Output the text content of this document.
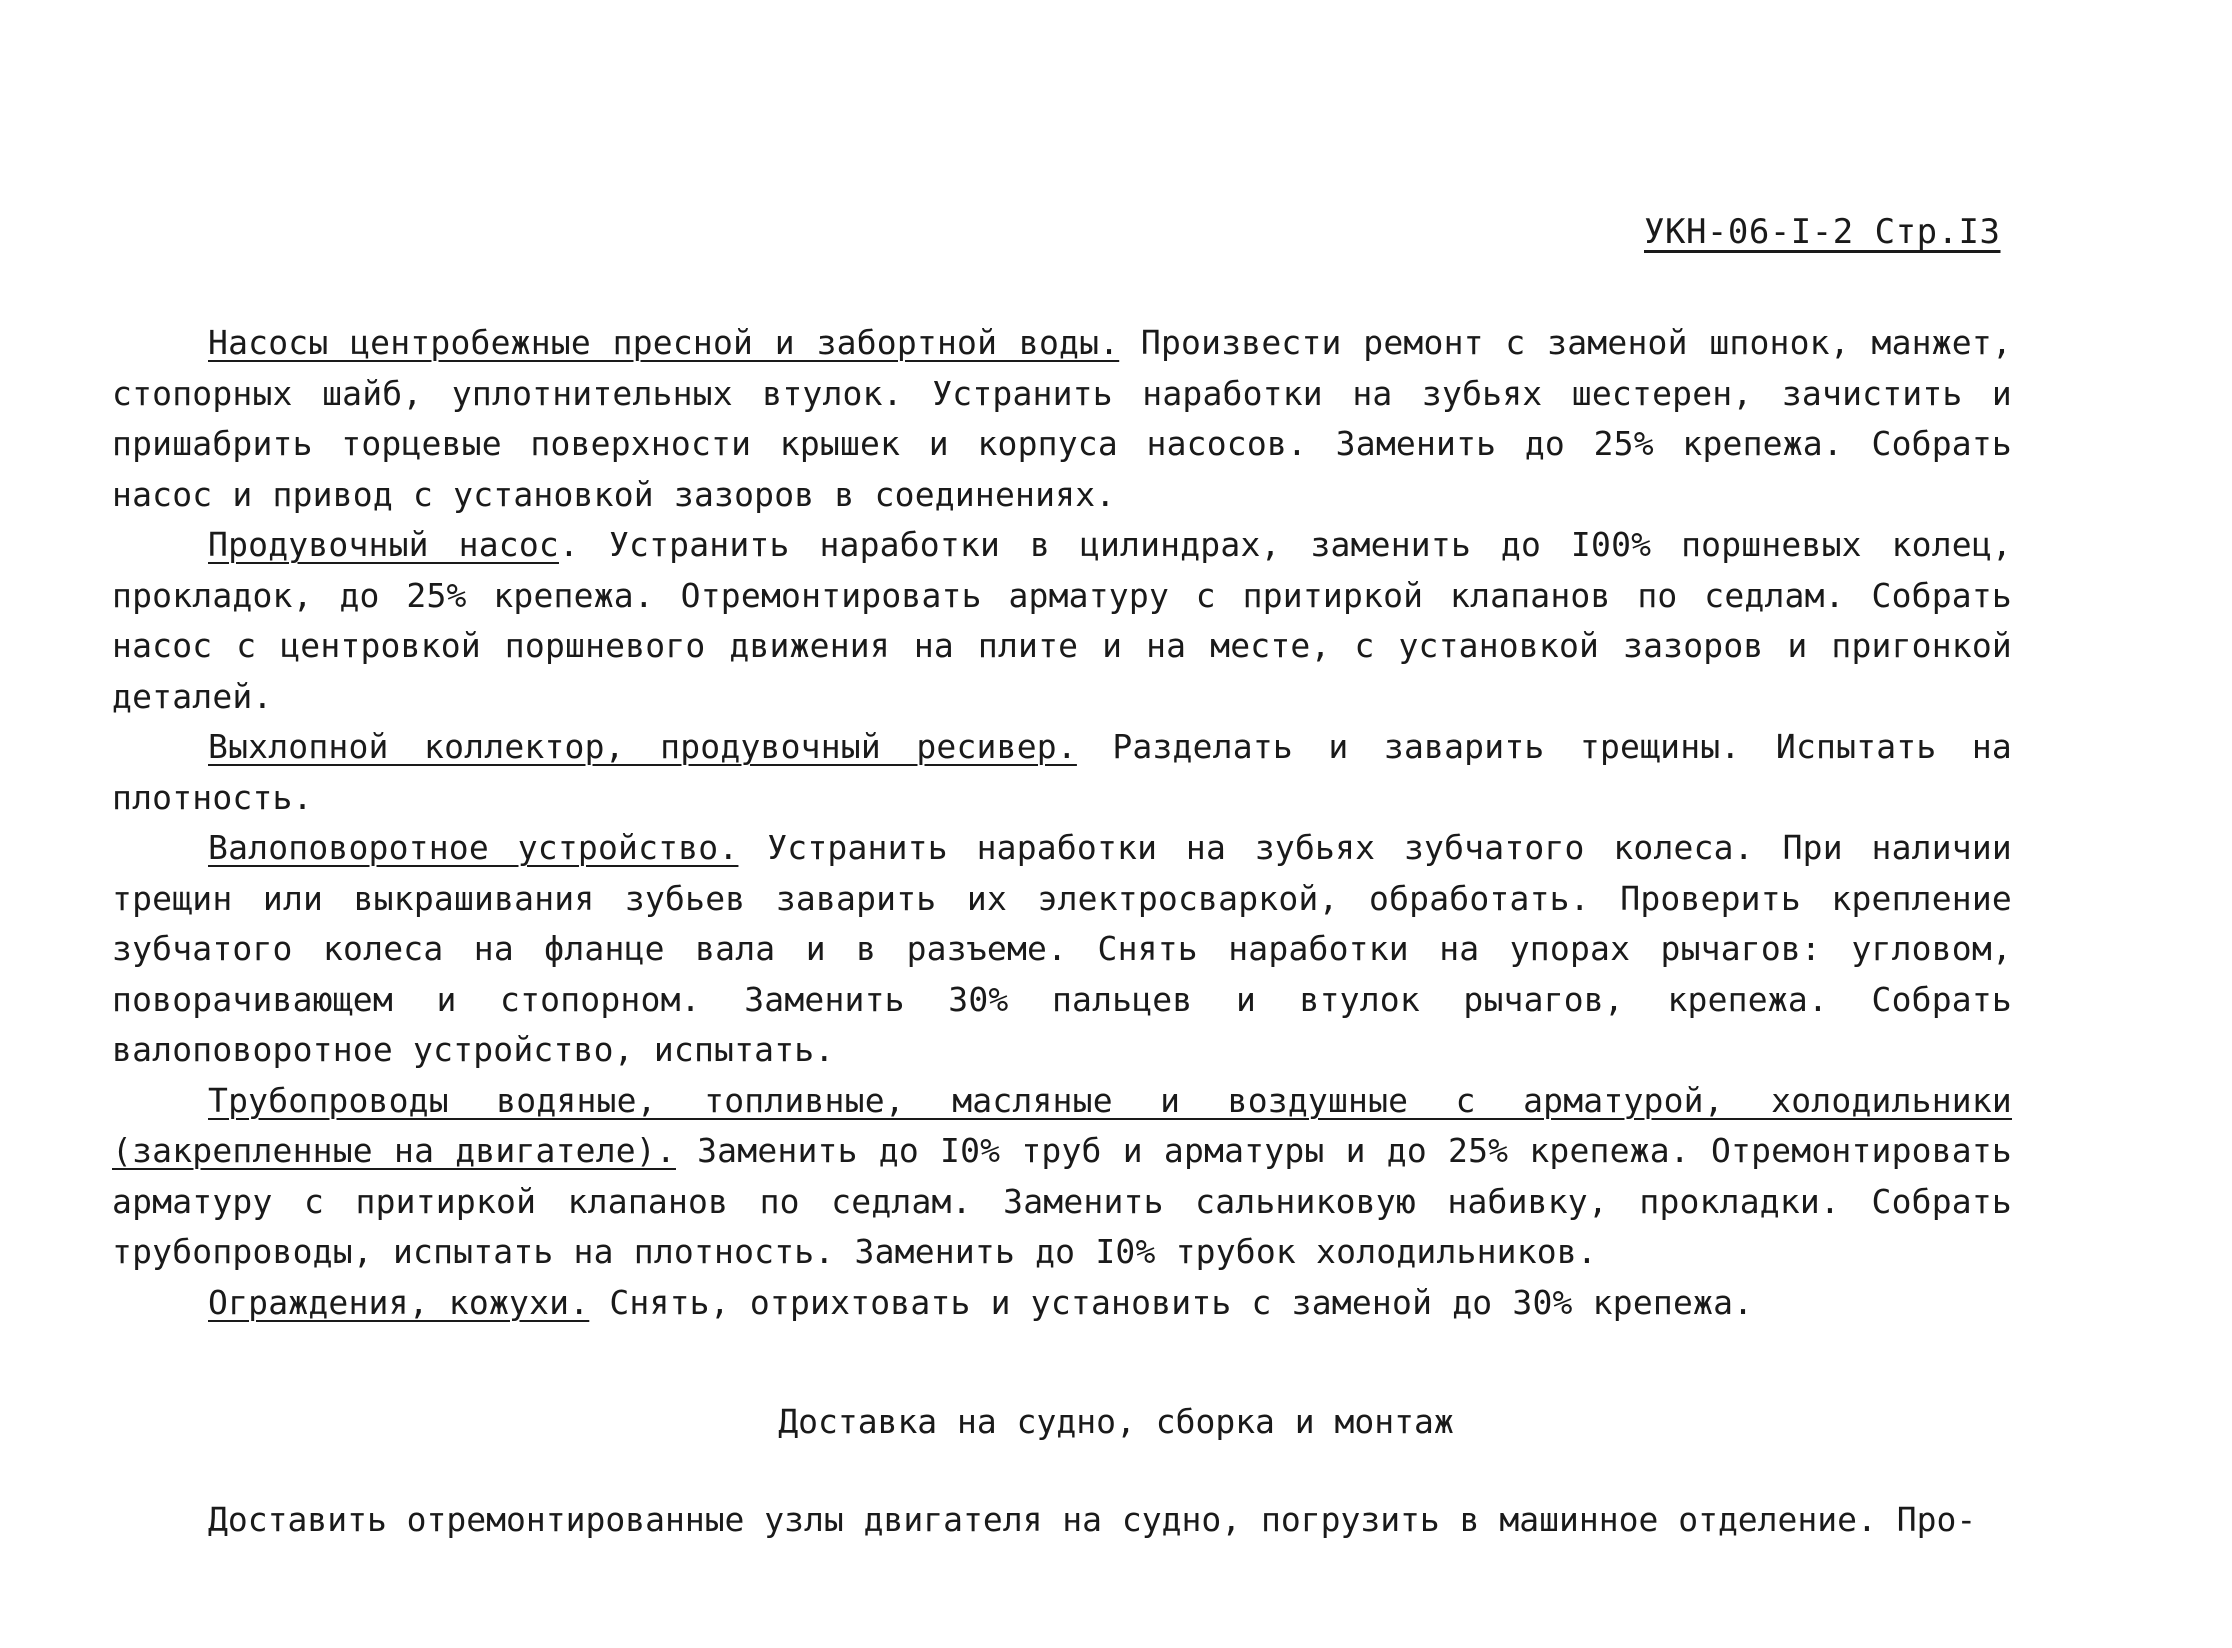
УКН-06-I-2 Стр.I3

Насосы центробежные пресной и забортной воды. Произвести ремонт с заменой шпонок, манжет, стопорных шайб, уплотнительных втулок. Устранить наработки на зубьях шестерен, зачистить и пришабрить торцевые поверхности крышек и корпуса насосов. Заменить до 25% крепежа. Собрать насос и привод с установкой зазоров в соединениях.

Продувочный насос. Устранить наработки в цилиндрах, заменить до I00% поршневых колец, прокладок, до 25% крепежа. Отремонтировать арматуру с притиркой клапанов по седлам. Собрать насос с центровкой поршневого движения на плите и на месте, с установкой зазоров и пригонкой деталей.

Выхлопной коллектор, продувочный ресивер. Разделать и заварить трещины. Испытать на плотность.

Валоповоротное устройство. Устранить наработки на зубьях зубчатого колеса. При наличии трещин или выкрашивания зубьев заварить их электросваркой, обработать. Проверить крепление зубчатого колеса на фланце вала и в разъеме. Снять наработки на упорах рычагов: угловом, поворачивающем и стопорном. Заменить 30% пальцев и втулок рычагов, крепежа. Собрать валоповоротное устройство, испытать.

Трубопроводы водяные, топливные, масляные и воздушные с арматурой, холодильники (закрепленные на двигателе). Заменить до I0% труб и арматуры и до 25% крепежа. Отремонтировать арматуру с притиркой клапанов по седлам. Заменить сальниковую набивку, прокладки. Собрать трубопроводы, испытать на плотность. Заменить до I0% трубок холодильников.

Ограждения, кожухи. Снять, отрихтовать и установить с заменой до 30% крепежа.

Доставка на судно, сборка и монтаж
Доставить отремонтированные узлы двигателя на судно, погрузить в машинное отделение. Про-
